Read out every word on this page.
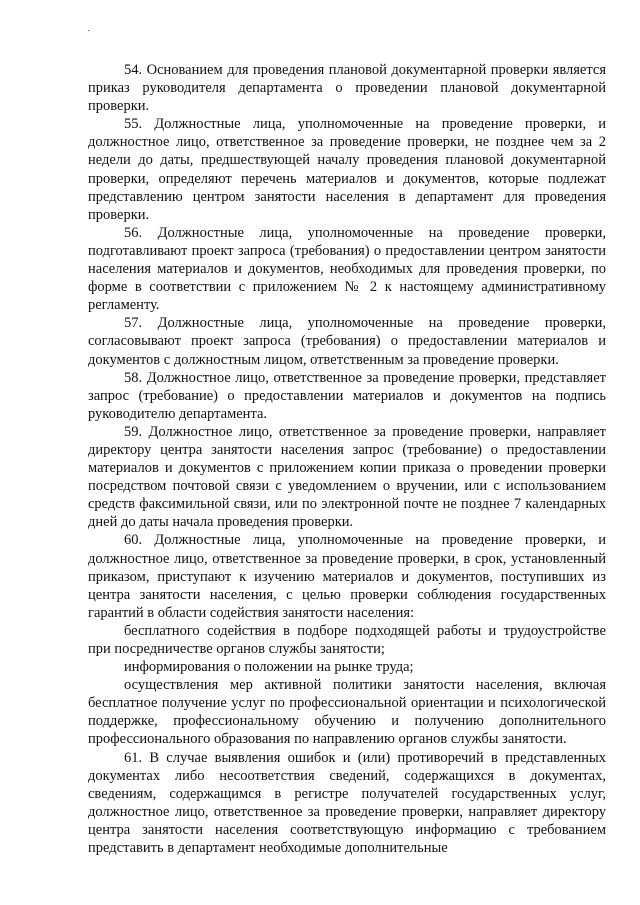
54. Основанием для проведения плановой документарной проверки является приказ руководителя департамента о проведении плановой документарной проверки.

55. Должностные лица, уполномоченные на проведение проверки, и должностное лицо, ответственное за проведение проверки, не позднее чем за 2 недели до даты, предшествующей началу проведения плановой документарной проверки, определяют перечень материалов и документов, которые подлежат представлению центром занятости населения в департамент для проведения проверки.

56. Должностные лица, уполномоченные на проведение проверки, подготавливают проект запроса (требования) о предоставлении центром занятости населения материалов и документов, необходимых для проведения проверки, по форме в соответствии с приложением № 2 к настоящему административному регламенту.

57. Должностные лица, уполномоченные на проведение проверки, согласовывают проект запроса (требования) о предоставлении материалов и документов с должностным лицом, ответственным за проведение проверки.

58. Должностное лицо, ответственное за проведение проверки, представляет запрос (требование) о предоставлении материалов и документов на подпись руководителю департамента.

59. Должностное лицо, ответственное за проведение проверки, направляет директору центра занятости населения запрос (требование) о предоставлении материалов и документов с приложением копии приказа о проведении проверки посредством почтовой связи с уведомлением о вручении, или с использованием средств факсимильной связи, или по электронной почте не позднее 7 календарных дней до даты начала проведения проверки.

60. Должностные лица, уполномоченные на проведение проверки, и должностное лицо, ответственное за проведение проверки, в срок, установленный приказом, приступают к изучению материалов и документов, поступивших из центра занятости населения, с целью проверки соблюдения государственных гарантий в области содействия занятости населения:

бесплатного содействия в подборе подходящей работы и трудоустройстве при посредничестве органов службы занятости;

информирования о положении на рынке труда;

осуществления мер активной политики занятости населения, включая бесплатное получение услуг по профессиональной ориентации и психологической поддержке, профессиональному обучению и получению дополнительного профессионального образования по направлению органов службы занятости.

61. В случае выявления ошибок и (или) противоречий в представленных документах либо несоответствия сведений, содержащихся в документах, сведениям, содержащимся в регистре получателей государственных услуг, должностное лицо, ответственное за проведение проверки, направляет директору центра занятости населения соответствующую информацию с требованием представить в департамент необходимые дополнительные
